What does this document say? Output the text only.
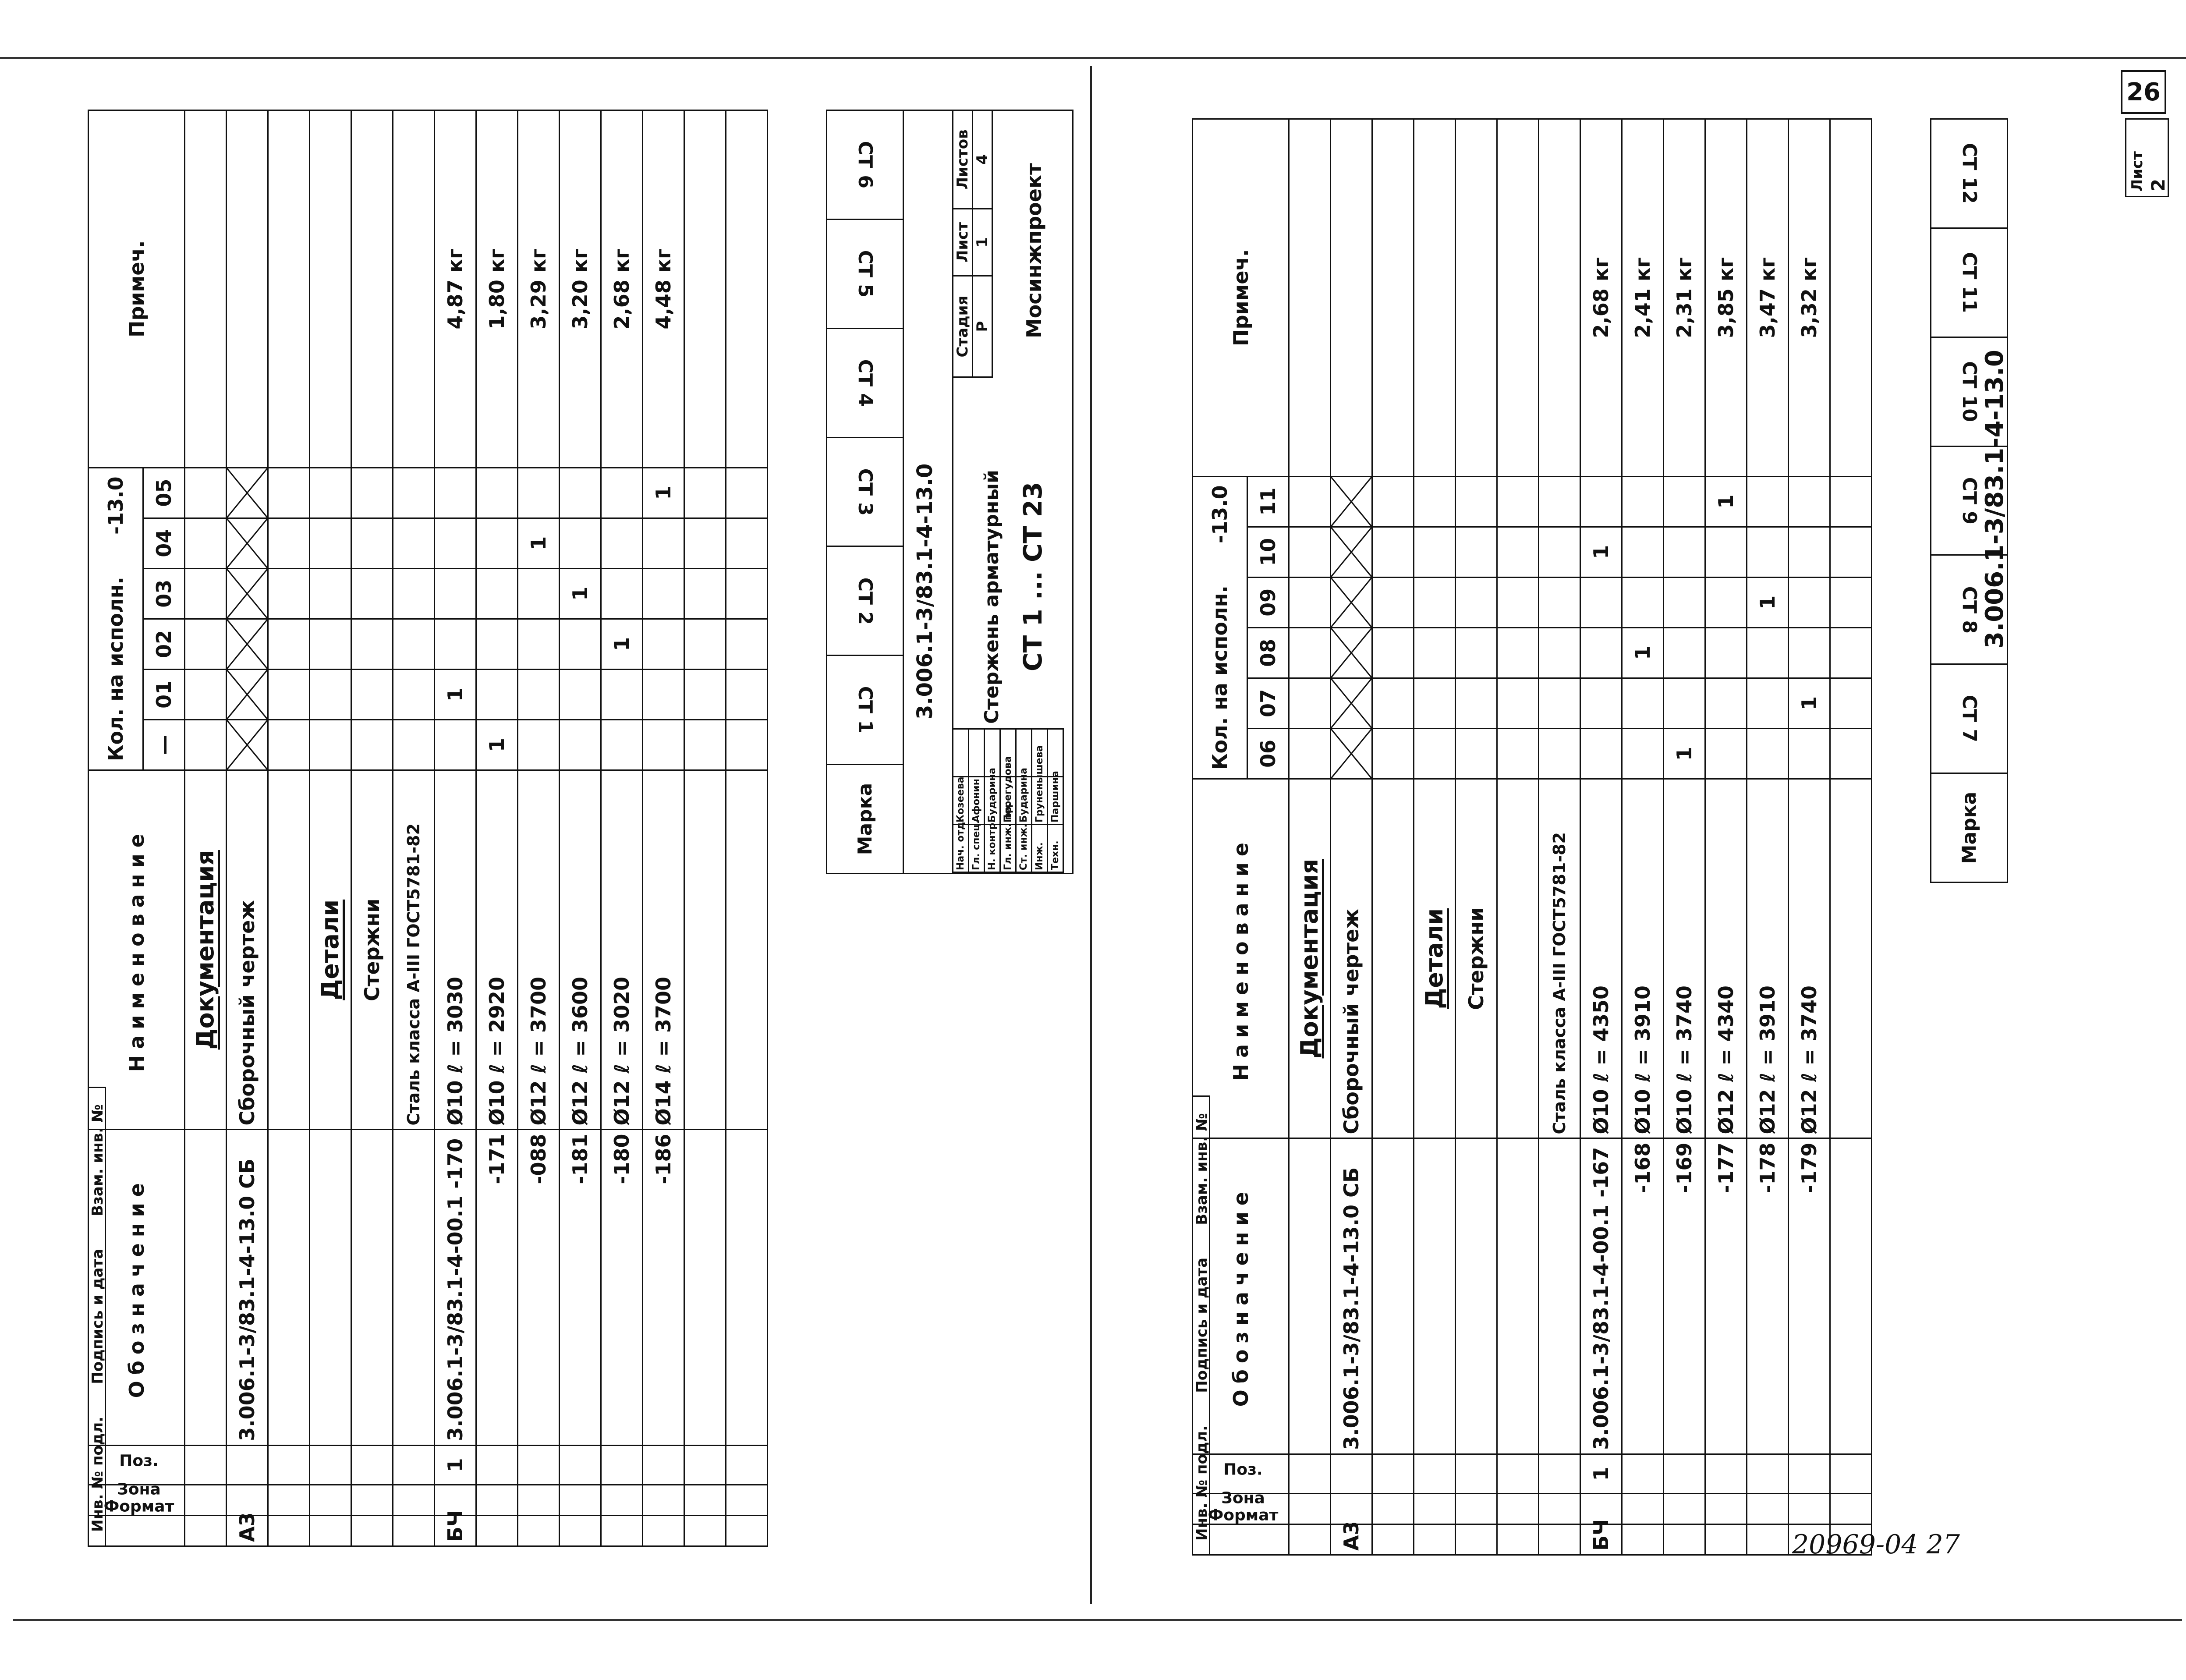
Формат	Зона	Поз.	Обозначение	Наименование	Кол. на исполн.      -13.0						Примеч.
					—	01	02	03	04	05	
				Документация							
А3			3.006.1-3/83.1-4-13.0 СБ	Сборочный чертеж	

				Детали							
				Стержни							
				Сталь класса А-III ГОСТ5781-82							
БЧ		1	3.006.1-3/83.1-4-00.1 -170	Ø10 ℓ = 3030		1					4,87 кг
			-171	Ø10 ℓ = 2920	1						1,80 кг
			-088	Ø12 ℓ = 3700					1		3,29 кг
			-181	Ø12 ℓ = 3600				1			3,20 кг
			-180	Ø12 ℓ = 3020			1				2,68 кг
			-186	Ø14 ℓ = 3700						1	4,48 кг

Марка	СТ 1	СТ 2	СТ 3	СТ 4	СТ 5	СТ 6
3.006.1-3/83.1-4-13.0
Нач. отд.	Козеева	
Гл. спец.	Афонин	
Н. контр.	Бударина	
Гл. инж. пр.	Перегудова	
Ст. инж.	Бударина	
Инж.	Груненышева	
Техн.	Паршина	
Стержень арматурный СТ 1 ... СТ 23
Стадия	Лист	Листов
Р	1	4
Мосинжпроект
Инв. № подл.
Подпись и дата
Взам. инв. №
Формат	Зона	Поз.	Обозначение	Наименование	Кол. на исполн.      -13.0						Примеч.
					06	07	08	09	10	11	
				Документация							
А3			3.006.1-3/83.1-4-13.0 СБ	Сборочный чертеж	

				Детали							
				Стержни							

				Сталь класса А-III ГОСТ5781-82							
БЧ		1	3.006.1-3/83.1-4-00.1 -167	Ø10 ℓ = 4350					1		2,68 кг
			-168	Ø10 ℓ = 3910			1				2,41 кг
			-169	Ø10 ℓ = 3740	1						2,31 кг
			-177	Ø12 ℓ = 4340						1	3,85 кг
			-178	Ø12 ℓ = 3910				1			3,47 кг
			-179	Ø12 ℓ = 3740		1					3,32 кг

Марка	СТ 7	СТ 8	СТ 9	СТ 10	СТ 11	СТ 12
3.006.1-3/83.1-4-13.0
Лист 2
Инв. № подл.
Подпись и дата
Взам. инв. №
26
20969-04 27
